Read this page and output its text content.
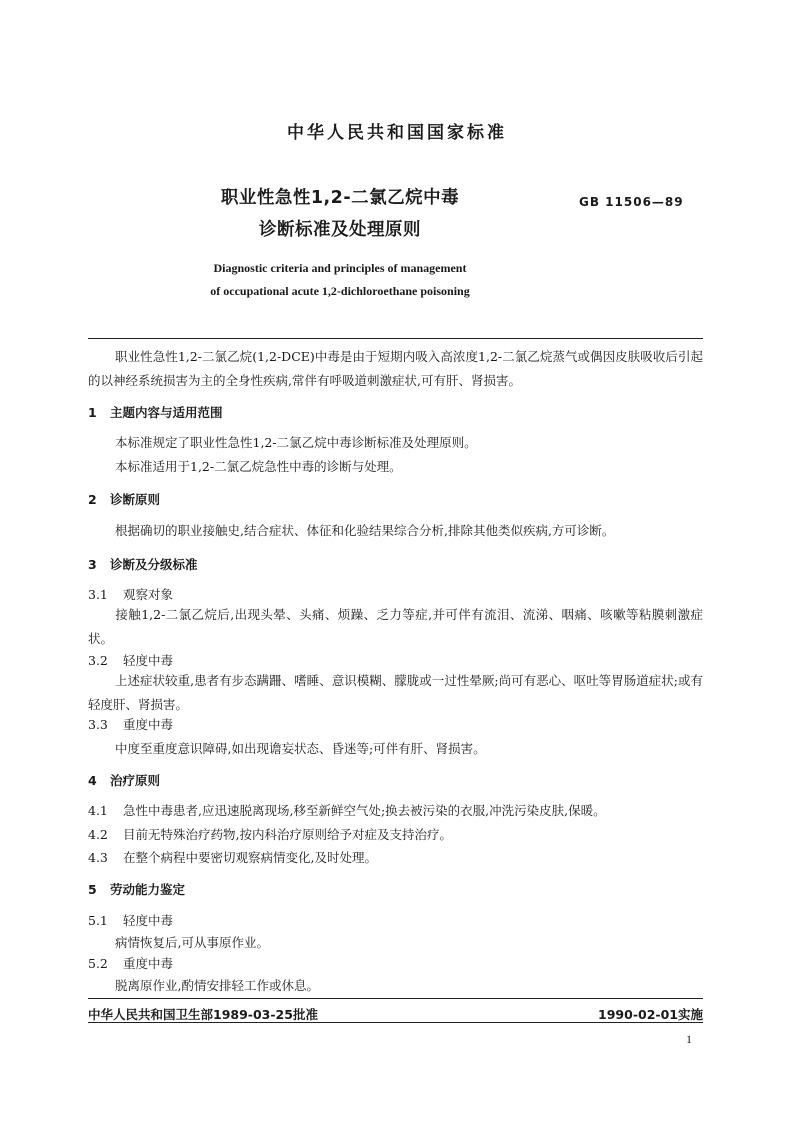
中华人民共和国国家标准
职业性急性1,2-二氯乙烷中毒
诊断标准及处理原则
GB 11506—89
Diagnostic criteria and principles of management
of occupational acute 1,2-dichloroethane poisoning
职业性急性1,2-二氯乙烷(1,2-DCE)中毒是由于短期内吸入高浓度1,2-二氯乙烷蒸气或偶因皮肤吸收后引起的以神经系统损害为主的全身性疾病,常伴有呼吸道刺激症状,可有肝、肾损害。
1 主题内容与适用范围
本标准规定了职业性急性1,2-二氯乙烷中毒诊断标准及处理原则。
本标准适用于1,2-二氯乙烷急性中毒的诊断与处理。
2 诊断原则
根据确切的职业接触史,结合症状、体征和化验结果综合分析,排除其他类似疾病,方可诊断。
3 诊断及分级标准
3.1 观察对象
接触1,2-二氯乙烷后,出现头晕、头痛、烦躁、乏力等症,并可伴有流泪、流涕、咽痛、咳嗽等粘膜刺激症状。
3.2 轻度中毒
上述症状较重,患者有步态蹒跚、嗜睡、意识模糊、朦胧或一过性晕厥;尚可有恶心、呕吐等胃肠道症状;或有轻度肝、肾损害。
3.3 重度中毒
中度至重度意识障碍,如出现谵妄状态、昏迷等;可伴有肝、肾损害。
4 治疗原则
4.1 急性中毒患者,应迅速脱离现场,移至新鲜空气处;换去被污染的衣服,冲洗污染皮肤,保暖。
4.2 目前无特殊治疗药物,按内科治疗原则给予对症及支持治疗。
4.3 在整个病程中要密切观察病情变化,及时处理。
5 劳动能力鉴定
5.1 轻度中毒
病情恢复后,可从事原作业。
5.2 重度中毒
脱离原作业,酌情安排轻工作或休息。
中华人民共和国卫生部1989-03-25批准	1990-02-01实施
1
